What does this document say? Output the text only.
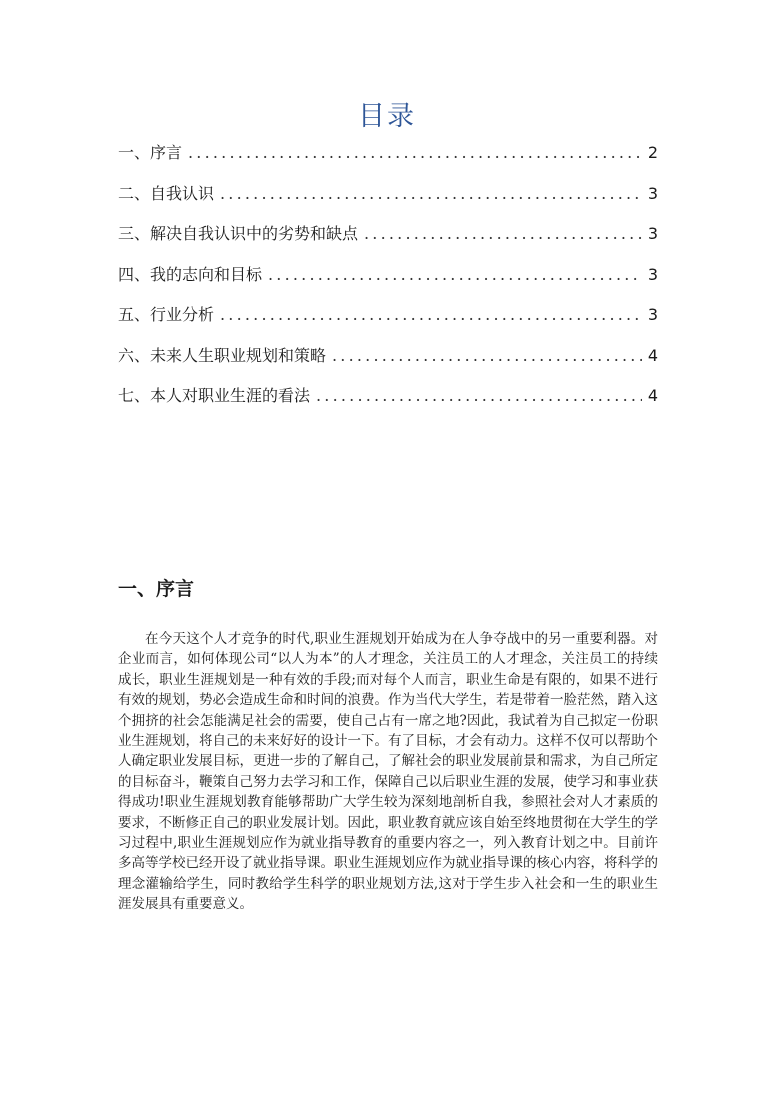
目录
一、序言 .....	2
二、自我认识 .....	3
三、解决自我认识中的劣势和缺点 .....	3
四、我的志向和目标 .....	3
五、行业分析 .....	3
六、未来人生职业规划和策略 .....	4
七、本人对职业生涯的看法 .....	4
一、序言

在今天这个人才竞争的时代,职业生涯规划开始成为在人争夺战中的另一重要利器。对企业而言，如何体现公司“以人为本”的人才理念，关注员工的人才理念，关注员工的持续成长，职业生涯规划是一种有效的手段;而对每个人而言，职业生命是有限的，如果不进行有效的规划，势必会造成生命和时间的浪费。作为当代大学生，若是带着一脸茫然，踏入这个拥挤的社会怎能满足社会的需要，使自己占有一席之地?因此，我试着为自己拟定一份职业生涯规划，将自己的未来好好的设计一下。有了目标，才会有动力。这样不仅可以帮助个人确定职业发展目标，更进一步的了解自己，了解社会的职业发展前景和需求，为自己所定的目标奋斗，鞭策自己努力去学习和工作，保障自己以后职业生涯的发展，使学习和事业获得成功!职业生涯规划教育能够帮助广大学生较为深刻地剖析自我，参照社会对人才素质的要求，不断修正自己的职业发展计划。因此，职业教育就应该自始至终地贯彻在大学生的学习过程中,职业生涯规划应作为就业指导教育的重要内容之一，列入教育计划之中。目前许多高等学校已经开设了就业指导课。职业生涯规划应作为就业指导课的核心内容，将科学的理念灌输给学生，同时教给学生科学的职业规划方法,这对于学生步入社会和一生的职业生涯发展具有重要意义。
